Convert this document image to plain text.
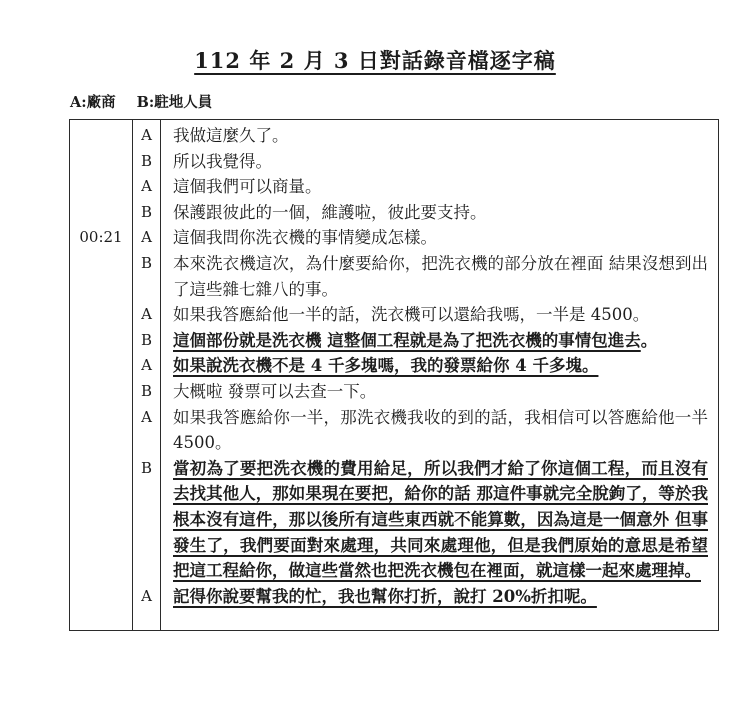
112 年 2 月 3 日對話錄音檔逐字稿
A:廠商 B:駐地人員
A	我做這麼久了。
B	所以我覺得。
A	這個我們可以商量。
B	保護跟彼此的一個，維護啦，彼此要支持。
00:21	A	這個我問你洗衣機的事情變成怎樣。
B	本來洗衣機這次，為什麼要給你，把洗衣機的部分放在裡面 結果沒想到出了這些雜七雜八的事。
A	如果我答應給他一半的話，洗衣機可以還給我嗎，一半是 4500。
B	這個部份就是洗衣機 這整個工程就是為了把洗衣機的事情包進去。
A	如果說洗衣機不是 4 千多塊嗎，我的發票給你 4 千多塊。
B	大概啦 發票可以去查一下。
A	如果我答應給你一半，那洗衣機我收的到的話，我相信可以答應給他一半 4500。
B	當初為了要把洗衣機的費用給足，所以我們才給了你這個工程，而且沒有去找其他人，那如果現在要把，給你的話 那這件事就完全脫鉤了，等於我根本沒有這件，那以後所有這些東西就不能算數，因為這是一個意外 但事發生了，我們要面對來處理，共同來處理他，但是我們原始的意思是希望把這工程給你，做這些當然也把洗衣機包在裡面，就這樣一起來處理掉。
A	記得你說要幫我的忙，我也幫你打折，說打 20%折扣呢。
